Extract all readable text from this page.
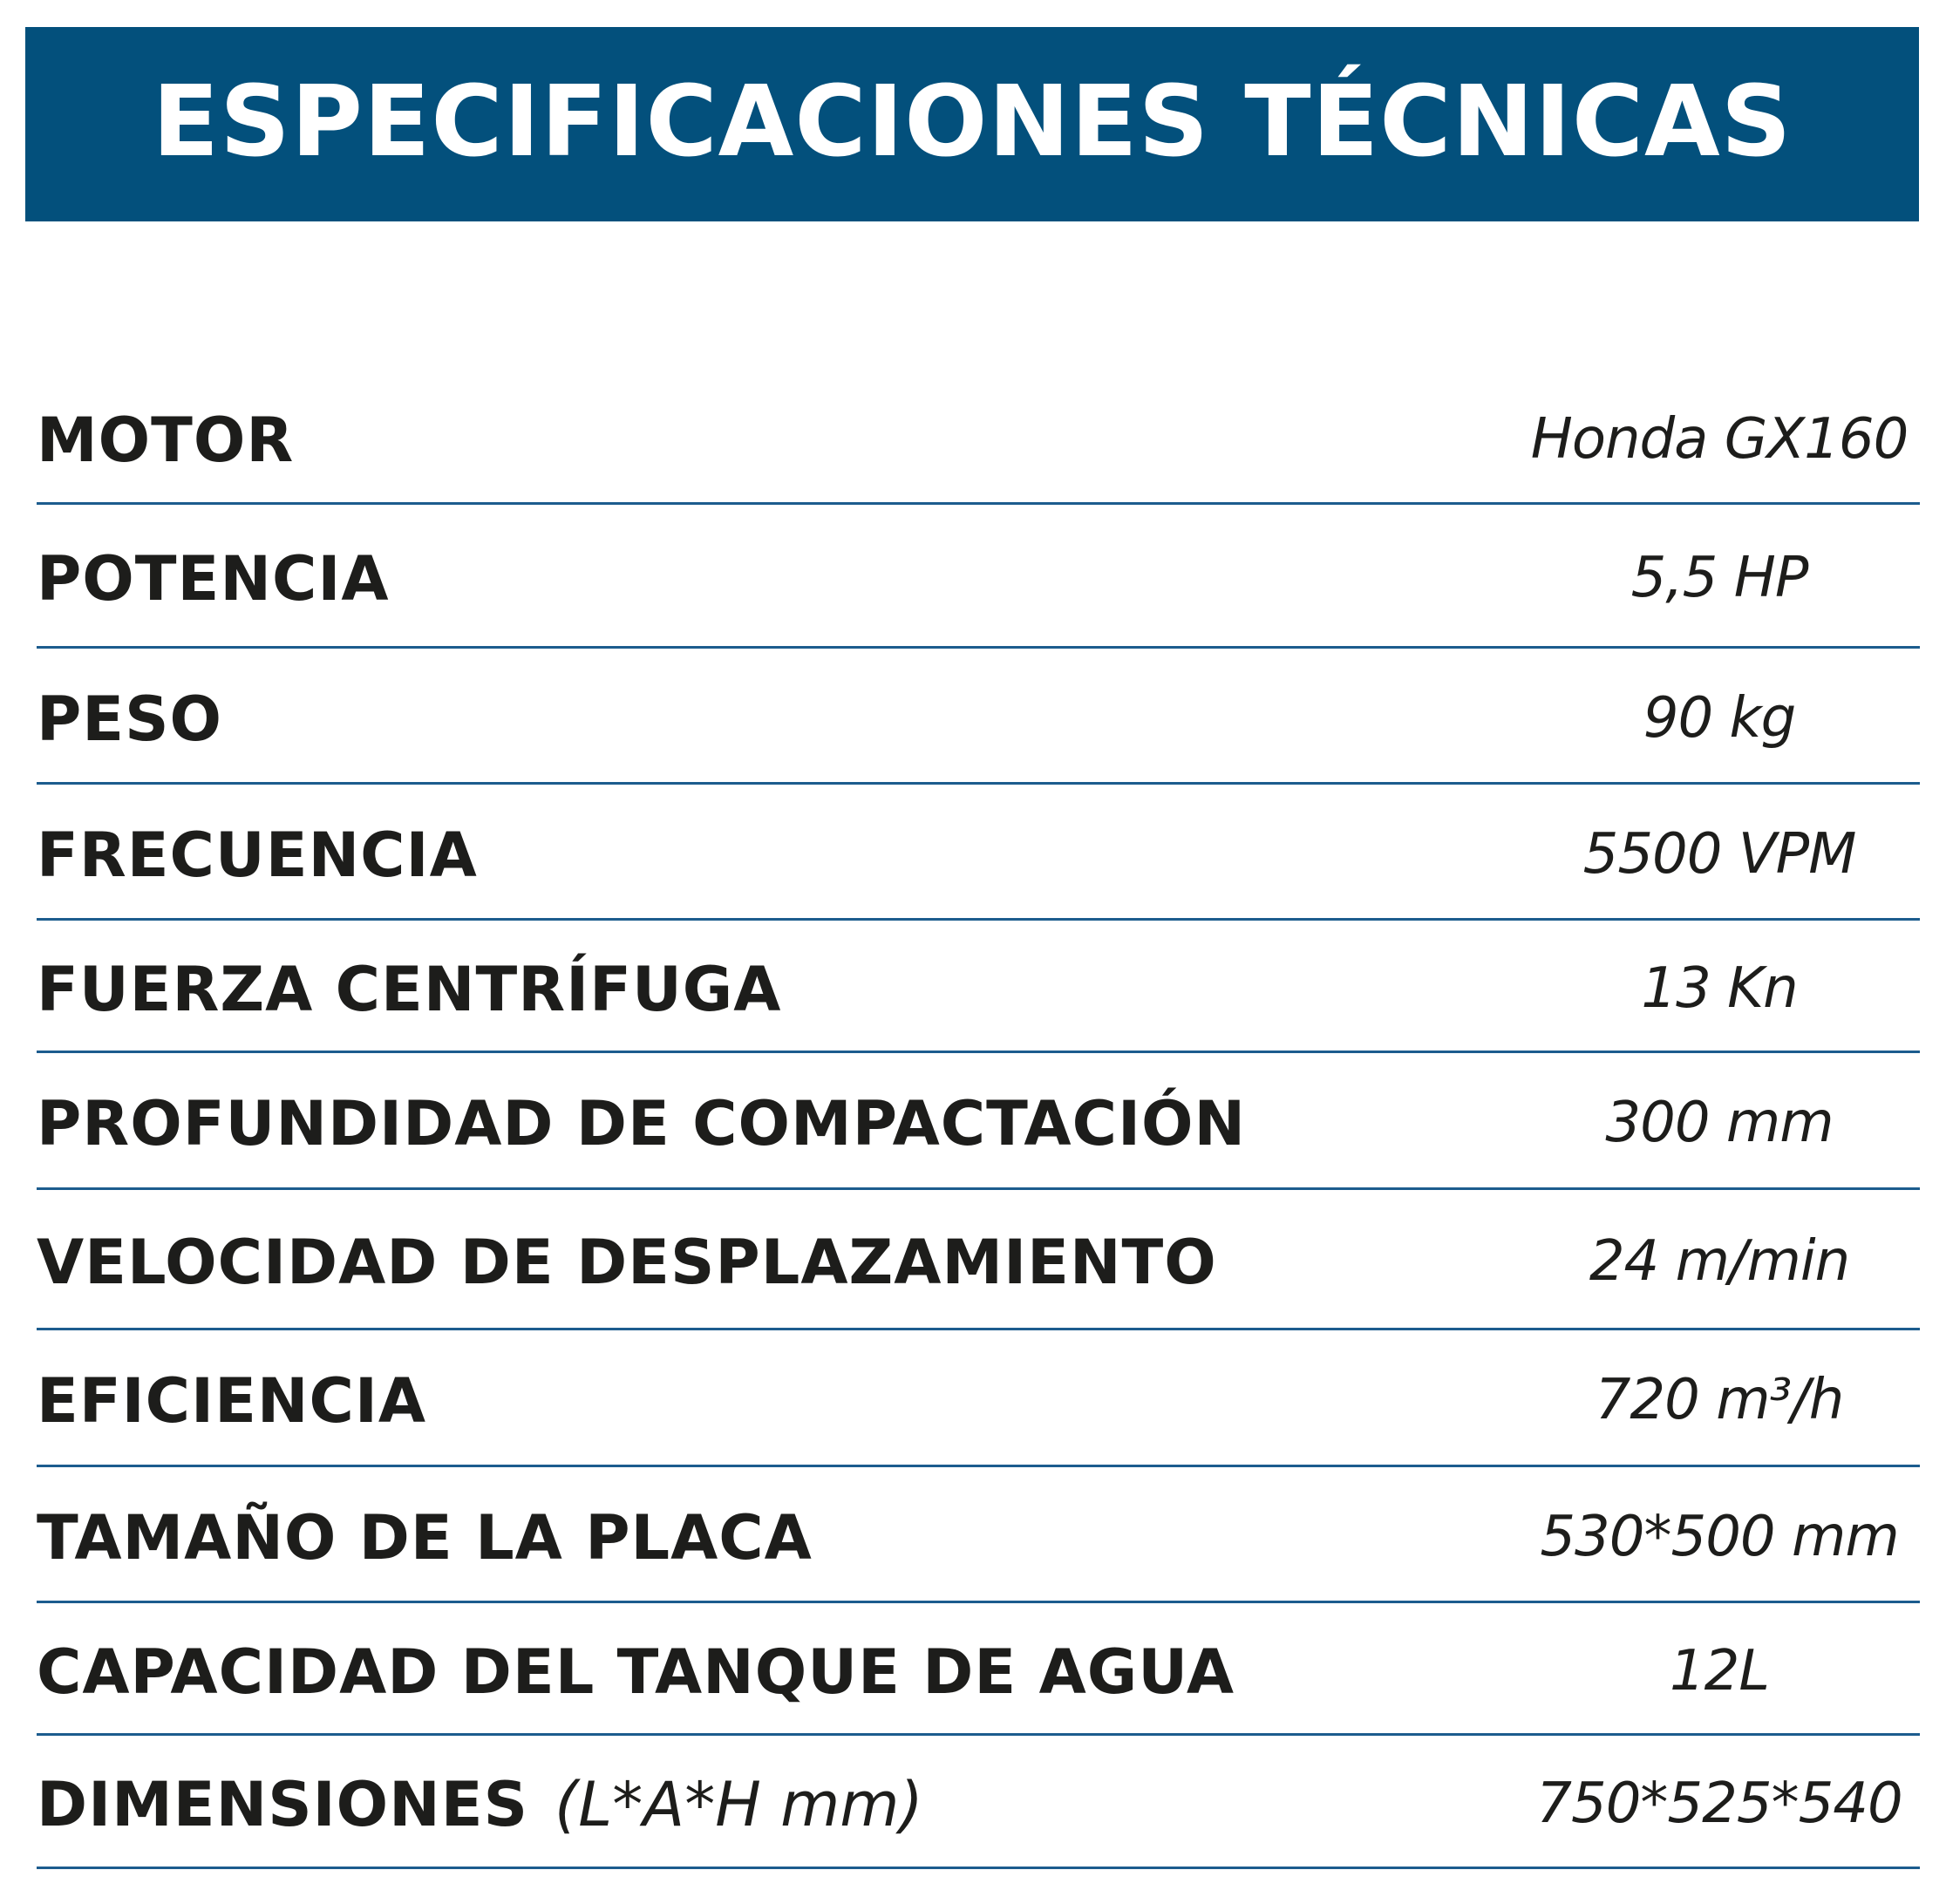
ESPECIFICACIONES TÉCNICAS
MOTOR	Honda GX160
POTENCIA	5,5 HP
PESO	90 kg
FRECUENCIA	5500 VPM
FUERZA CENTRÍFUGA	13 Kn
PROFUNDIDAD DE COMPACTACIÓN	300 mm
VELOCIDAD DE DESPLAZAMIENTO	24 m/min
EFICIENCIA	720 m³/h
TAMAÑO DE LA PLACA	530*500 mm
CAPACIDAD DEL TANQUE DE AGUA	12L
DIMENSIONES (L*A*H mm)	750*525*540
